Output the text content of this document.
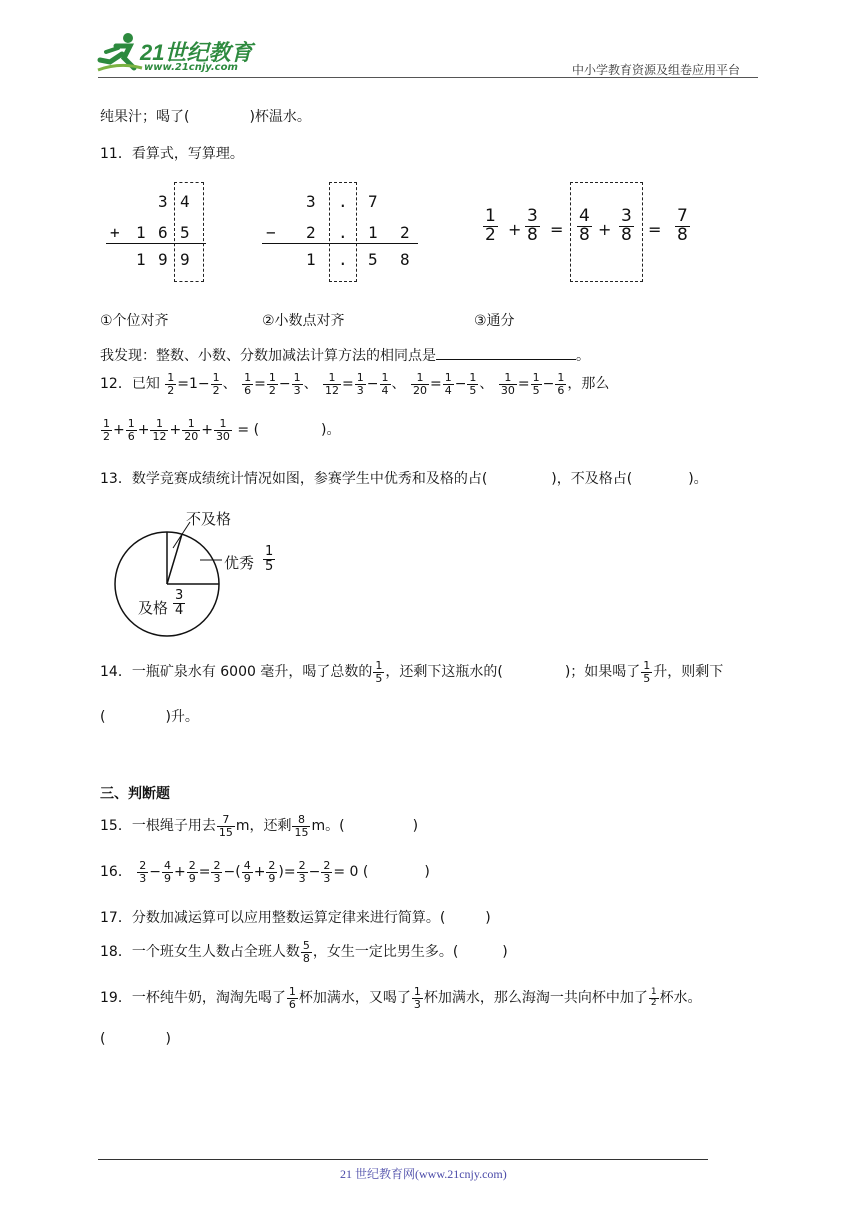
21世纪教育
www.21cnjy.com	中小学教育资源及组卷应用平台
纯果汁；喝了(	)杯温水。
11．看算式，写算理。
3 4
+ 1 6 5
1 9 9
3 . 7
− 2 . 1 2
1 . 5 8
$\frac{1}{2} + \frac{3}{8} = \frac{4}{8} + \frac{3}{8} = \frac{7}{8}$
①个位对齐	②小数点对齐	③通分
我发现：整数、小数、分数加减法计算方法的相同点是	。
12．已知 $\frac{1}{2} =1- \frac{1}{2}$ 、 $\frac{1}{6} = \frac{1}{2} - \frac{1}{3}$ 、 $\frac{1}{12} = \frac{1}{3} - \frac{1}{4}$ 、 $\frac{1}{20} = \frac{1}{4} - \frac{1}{5}$ 、 $\frac{1}{30} = \frac{1}{5} - \frac{1}{6}$ ，那么
$\frac{1}{2} + \frac{1}{6} + \frac{1}{12} + \frac{1}{20} + \frac{1}{30}$ = (	)。
13．数学竞赛成绩统计情况如图，参赛学生中优秀和及格的占(	)，不及格占(	)。
不及格
优秀 $\frac{1}{5}$
及格 $\frac{3}{4}$
14．一瓶矿泉水有 6000 毫升，喝了总数的 $\frac{1}{5}$ ，还剩下这瓶水的(	)；如果喝了 $\frac{1}{5}$ 升，则剩下
(	)升。
三、判断题
15．一根绳子用去 $\frac{7}{15}$ m，还剩 $\frac{8}{15}$ m。(	)
16． $\frac{2}{3} - \frac{4}{9} + \frac{2}{9} = \frac{2}{3}$ −( $\frac{4}{9} + \frac{2}{9}$ )= $\frac{2}{3} - \frac{2}{3} = 0$ (	)
17．分数加减运算可以应用整数运算定律来进行简算。(	)
18．一个班女生人数占全班人数 $\frac{5}{8}$ ，女生一定比男生多。(	)
19．一杯纯牛奶，淘淘先喝了 $\frac{1}{6}$ 杯加满水，又喝了 $\frac{1}{3}$ 杯加满水，那么海淘一共向杯中加了 $\frac{1}{2}$ 杯水。
(	)
21 世纪教育网(www.21cnjy.com)
